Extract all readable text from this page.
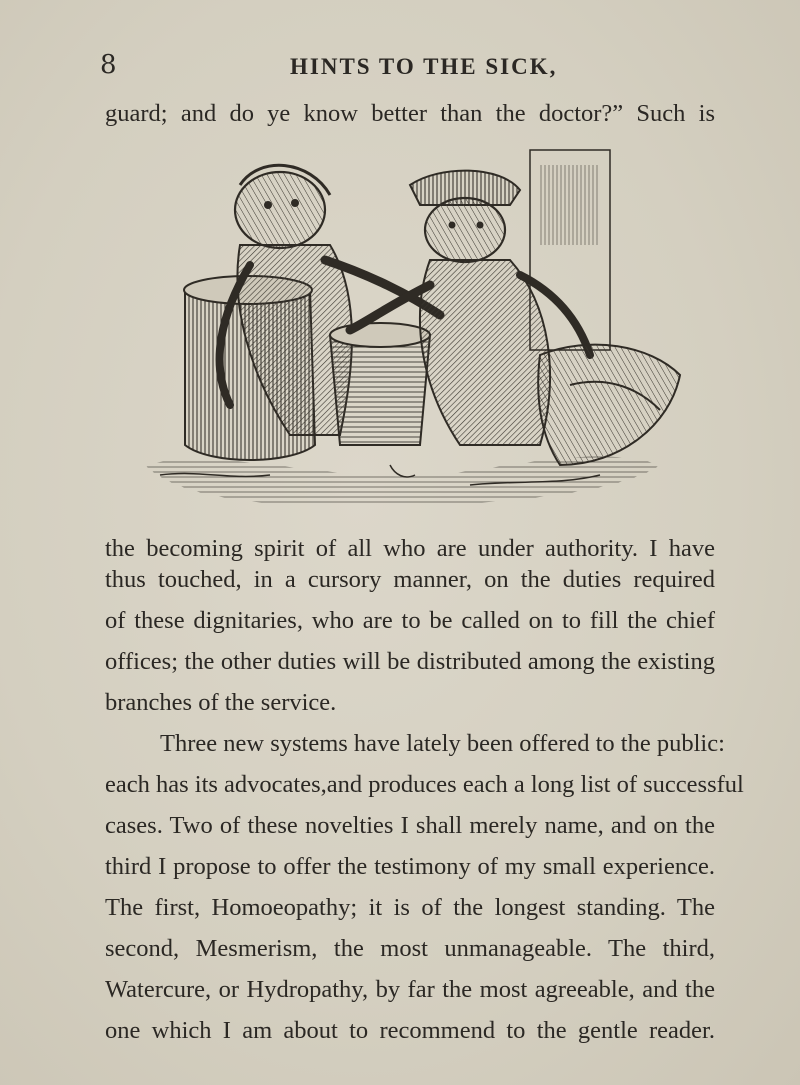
8	HINTS TO THE SICK,
guard; and do ye know better than the doctor?” Such is
the becoming spirit of all who are under authority. I have
thus touched, in a cursory manner, on the duties required
of these dignitaries, who are to be called on to fill the chief
offices; the other duties will be distributed among the existing
branches of the service.
Three new systems have lately been offered to the public:
each has its advocates,and produces each a long list of successful
cases. Two of these novelties I shall merely name, and on the
third I propose to offer the testimony of my small experience.
The first, Homoeopathy; it is of the longest standing. The
second, Mesmerism, the most unmanageable. The third,
Watercure, or Hydropathy, by far the most agreeable, and the
one which I am about to recommend to the gentle reader.
